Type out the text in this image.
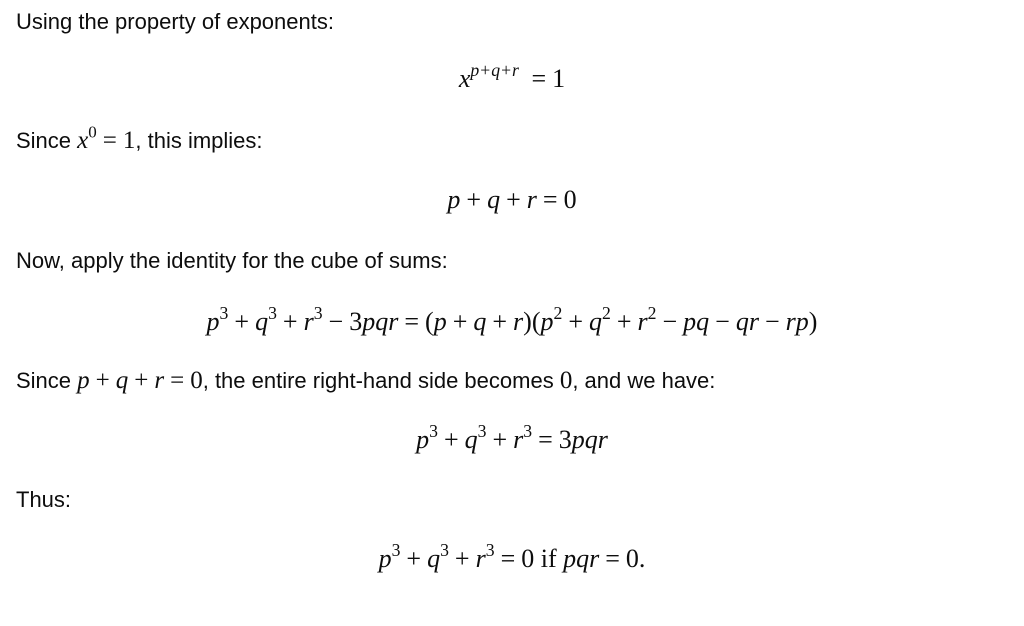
Using the property of exponents:
$x^{p+q+r} = 1$
Since $x^0 = 1$, this implies:
p + q + r = 0
Now, apply the identity for the cube of sums:
$p^3 + q^3 + r^3 - 3pqr = (p + q + r)(p^2 + q^2 + r^2$ − pq − qr − rp)
Since p + q + r = 0, the entire right-hand side becomes 0, and we have:
$p^3 + q^3 + r^3 = 3pqr$
Thus:
$p^3 + q^3 + r^3 = 0$ if pqr = 0.
